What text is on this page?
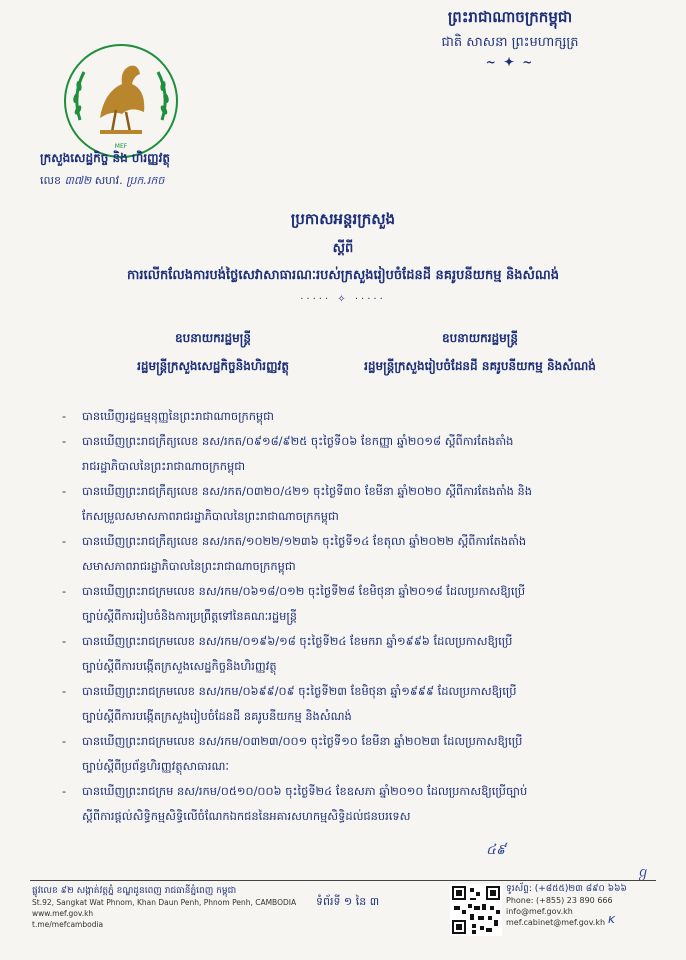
ព្រះរាជាណាចក្រកម្ពុជា
ជាតិ សាសនា ព្រះមហាក្សត្រ
~ ✦ ~
MEF
ក្រសួងសេដ្ឋកិច្ច និង ហិរញ្ញវត្ថុ
លេខ ៣៧២ សហវ. ប្រក.រកច
ប្រកាសអន្តរក្រសួង
ស្តីពី
ការលើកលែងការបង់ថ្លៃសេវាសាធារណៈរបស់ក្រសួងរៀបចំដែនដី នគរូបនីយកម្ម និងសំណង់
····· ✧ ·····
ឧបនាយករដ្ឋមន្ត្រី
រដ្ឋមន្ត្រីក្រសួងសេដ្ឋកិច្ចនិងហិរញ្ញវត្ថុ
ឧបនាយករដ្ឋមន្ត្រី
រដ្ឋមន្ត្រីក្រសួងរៀបចំដែនដី នគរូបនីយកម្ម និងសំណង់
- បានឃើញរដ្ឋធម្មនុញ្ញនៃព្រះរាជាណាចក្រកម្ពុជា
- បានឃើញព្រះរាជក្រឹត្យលេខ នស/រកត/០៩១៨/៩២៥ ចុះថ្ងៃទី០៦ ខែកញ្ញា ឆ្នាំ២០១៨ ស្តីពីការតែងតាំង
រាជរដ្ឋាភិបាលនៃព្រះរាជាណាចក្រកម្ពុជា
- បានឃើញព្រះរាជក្រឹត្យលេខ នស/រកត/០៣២០/៤២១ ចុះថ្ងៃទី៣០ ខែមីនា ឆ្នាំ២០២០ ស្តីពីការតែងតាំង និង
កែសម្រួលសមាសភាពរាជរដ្ឋាភិបាលនៃព្រះរាជាណាចក្រកម្ពុជា
- បានឃើញព្រះរាជក្រឹត្យលេខ នស/រកត/១០២២/១២៣៦ ចុះថ្ងៃទី១៤ ខែតុលា ឆ្នាំ២០២២ ស្តីពីការតែងតាំង
សមាសភាពរាជរដ្ឋាភិបាលនៃព្រះរាជាណាចក្រកម្ពុជា
- បានឃើញព្រះរាជក្រមលេខ នស/រកម/០៦១៨/០១២ ចុះថ្ងៃទី២៨ ខែមិថុនា ឆ្នាំ២០១៨ ដែលប្រកាសឱ្យប្រើ
ច្បាប់ស្តីពីការរៀបចំនិងការប្រព្រឹត្តទៅនៃគណៈរដ្ឋមន្ត្រី
- បានឃើញព្រះរាជក្រមលេខ នស/រកម/០១៩៦/១៨ ចុះថ្ងៃទី២៤ ខែមករា ឆ្នាំ១៩៩៦ ដែលប្រកាសឱ្យប្រើ
ច្បាប់ស្តីពីការបង្កើតក្រសួងសេដ្ឋកិច្ចនិងហិរញ្ញវត្ថុ
- បានឃើញព្រះរាជក្រមលេខ នស/រកម/០៦៩៩/០៩ ចុះថ្ងៃទី២៣ ខែមិថុនា ឆ្នាំ១៩៩៩ ដែលប្រកាសឱ្យប្រើ
ច្បាប់ស្តីពីការបង្កើតក្រសួងរៀបចំដែនដី នគរូបនីយកម្ម និងសំណង់
- បានឃើញព្រះរាជក្រមលេខ នស/រកម/០៣២៣/០០១ ចុះថ្ងៃទី១០ ខែមីនា ឆ្នាំ២០២៣ ដែលប្រកាសឱ្យប្រើ
ច្បាប់ស្តីពីប្រព័ន្ធហិរញ្ញវត្ថុសាធារណៈ
- បានឃើញព្រះរាជក្រម នស/រកម/០៥១០/០០៦ ចុះថ្ងៃទី២៤ ខែឧសភា ឆ្នាំ២០១០ ដែលប្រកាសឱ្យប្រើច្បាប់
ស្តីពីការផ្តល់សិទ្ធិកម្មសិទ្ធិលើចំណែកឯកជននៃអគារសហកម្មសិទ្ធិដល់ជនបរទេស
៤៩
ℊ
ᴋ
ផ្លូវលេខ ៩២ សង្កាត់វត្តភ្នំ ខណ្ឌដូនពេញ រាជធានីភ្នំពេញ កម្ពុជា
St.92, Sangkat Wat Phnom, Khan Daun Penh, Phnom Penh, CAMBODIA
www.mef.gov.kh
t.me/mefcambodia
ទំព័រទី ១ នៃ ៣
ទូរស័ព្ទ: (+៨៥៥)២៣ ៨៩០ ៦៦៦
Phone: (+855) 23 890 666
info@mef.gov.kh
mef.cabinet@mef.gov.kh
